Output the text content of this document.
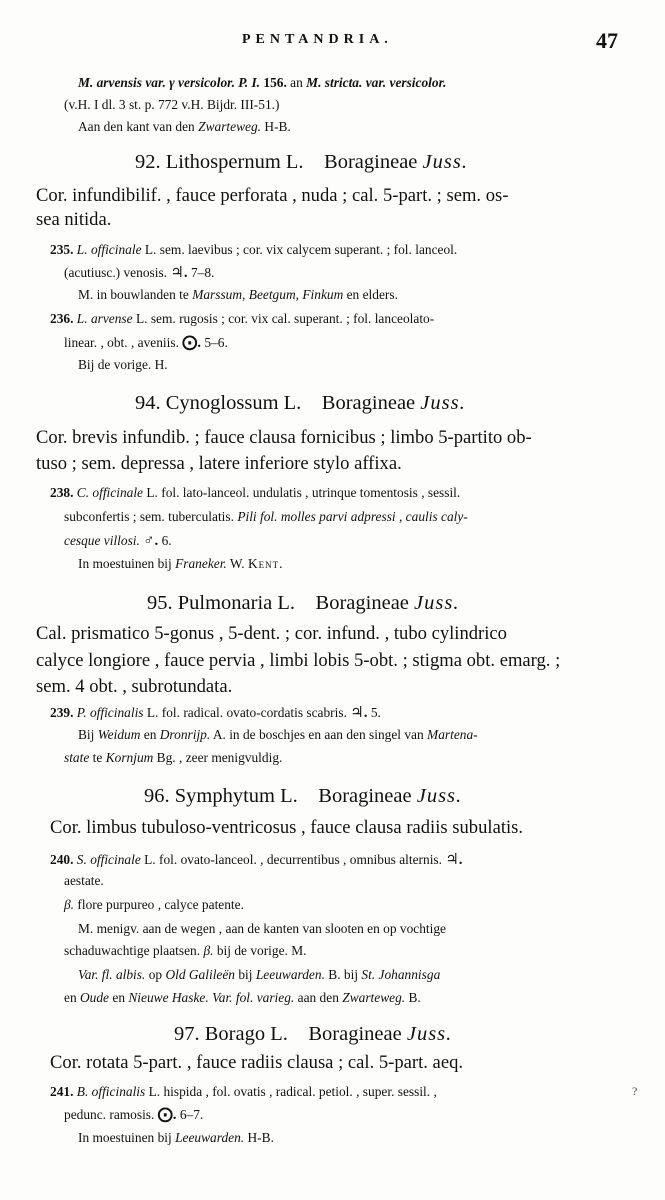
PENTANDRIA.	47
M. arvensis var. γ versicolor. P. I. 156. an M. stricta. var. versicolor.
(v.H. I dl. 3 st. p. 772 v.H. Bijdr. III-51.)
Aan den kant van den Zwarteweg. H-B.
92. Lithospernum L. Boragineae Juss.
Cor. infundibilif. , fauce perforata , nuda ; cal. 5-part. ; sem. os-
sea nitida.
235. L. officinale L. sem. laevibus ; cor. vix calycem superant. ; fol. lanceol.
(acutiusc.) venosis. ♃. 7–8.
M. in bouwlanden te Marssum, Beetgum, Finkum en elders.
236. L. arvense L. sem. rugosis ; cor. vix cal. superant. ; fol. lanceolato-
linear. , obt. , aveniis. ⨀. 5–6.
Bij de vorige. H.
94. Cynoglossum L. Boragineae Juss.
Cor. brevis infundib. ; fauce clausa fornicibus ; limbo 5-partito ob-
tuso ; sem. depressa , latere inferiore stylo affixa.
238. C. officinale L. fol. lato-lanceol. undulatis , utrinque tomentosis , sessil.
subconfertis ; sem. tuberculatis. Pili fol. molles parvi adpressi , caulis caly-
cesque villosi. ♂. 6.
In moestuinen bij Franeker. W. Kent.
95. Pulmonaria L. Boragineae Juss.
Cal. prismatico 5-gonus , 5-dent. ; cor. infund. , tubo cylindrico
calyce longiore , fauce pervia , limbi lobis 5-obt. ; stigma obt. emarg. ;
sem. 4 obt. , subrotundata.
239. P. officinalis L. fol. radical. ovato-cordatis scabris. ♃. 5.
Bij Weidum en Dronrijp. A. in de boschjes en aan den singel van Martena-
state te Kornjum Bg. , zeer menigvuldig.
96. Symphytum L. Boragineae Juss.
Cor. limbus tubuloso-ventricosus , fauce clausa radiis subulatis.
240. S. officinale L. fol. ovato-lanceol. , decurrentibus , omnibus alternis. ♃.
aestate.
β. flore purpureo , calyce patente.
M. menigv. aan de wegen , aan de kanten van slooten en op vochtige
schaduwachtige plaatsen. β. bij de vorige. M.
Var. fl. albis. op Old Galileën bij Leeuwarden. B. bij St. Johannisga
en Oude en Nieuwe Haske. Var. fol. varieg. aan den Zwarteweg. B.
97. Borago L. Boragineae Juss.
Cor. rotata 5-part. , fauce radiis clausa ; cal. 5-part. aeq.
241. B. officinalis L. hispida , fol. ovatis , radical. petiol. , super. sessil. ,	?
pedunc. ramosis. ⨀. 6–7.
In moestuinen bij Leeuwarden. H-B.
